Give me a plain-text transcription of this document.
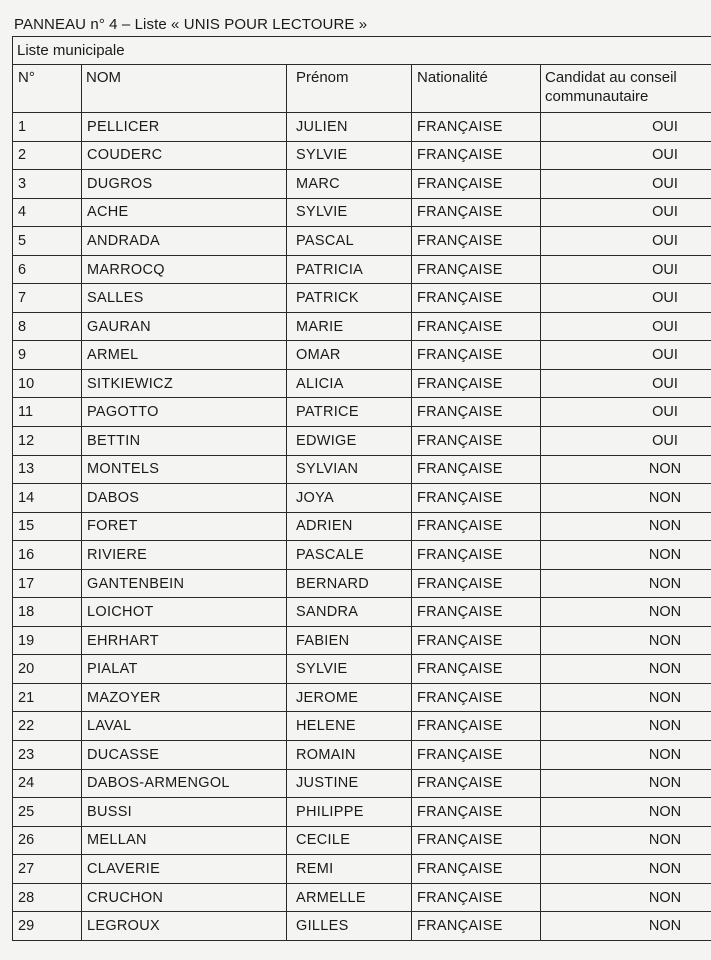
PANNEAU n° 4 – Liste « UNIS POUR LECTOURE »
Liste municipale				
N°	NOM	Prénom	Nationalité	Candidat au conseil communautaire
1	PELLICER	JULIEN	FRANÇAISE	OUI
2	COUDERC	SYLVIE	FRANÇAISE	OUI
3	DUGROS	MARC	FRANÇAISE	OUI
4	ACHE	SYLVIE	FRANÇAISE	OUI
5	ANDRADA	PASCAL	FRANÇAISE	OUI
6	MARROCQ	PATRICIA	FRANÇAISE	OUI
7	SALLES	PATRICK	FRANÇAISE	OUI
8	GAURAN	MARIE	FRANÇAISE	OUI
9	ARMEL	OMAR	FRANÇAISE	OUI
10	SITKIEWICZ	ALICIA	FRANÇAISE	OUI
11	PAGOTTO	PATRICE	FRANÇAISE	OUI
12	BETTIN	EDWIGE	FRANÇAISE	OUI
13	MONTELS	SYLVIAN	FRANÇAISE	NON
14	DABOS	JOYA	FRANÇAISE	NON
15	FORET	ADRIEN	FRANÇAISE	NON
16	RIVIERE	PASCALE	FRANÇAISE	NON
17	GANTENBEIN	BERNARD	FRANÇAISE	NON
18	LOICHOT	SANDRA	FRANÇAISE	NON
19	EHRHART	FABIEN	FRANÇAISE	NON
20	PIALAT	SYLVIE	FRANÇAISE	NON
21	MAZOYER	JEROME	FRANÇAISE	NON
22	LAVAL	HELENE	FRANÇAISE	NON
23	DUCASSE	ROMAIN	FRANÇAISE	NON
24	DABOS-ARMENGOL	JUSTINE	FRANÇAISE	NON
25	BUSSI	PHILIPPE	FRANÇAISE	NON
26	MELLAN	CECILE	FRANÇAISE	NON
27	CLAVERIE	REMI	FRANÇAISE	NON
28	CRUCHON	ARMELLE	FRANÇAISE	NON
29	LEGROUX	GILLES	FRANÇAISE	NON
